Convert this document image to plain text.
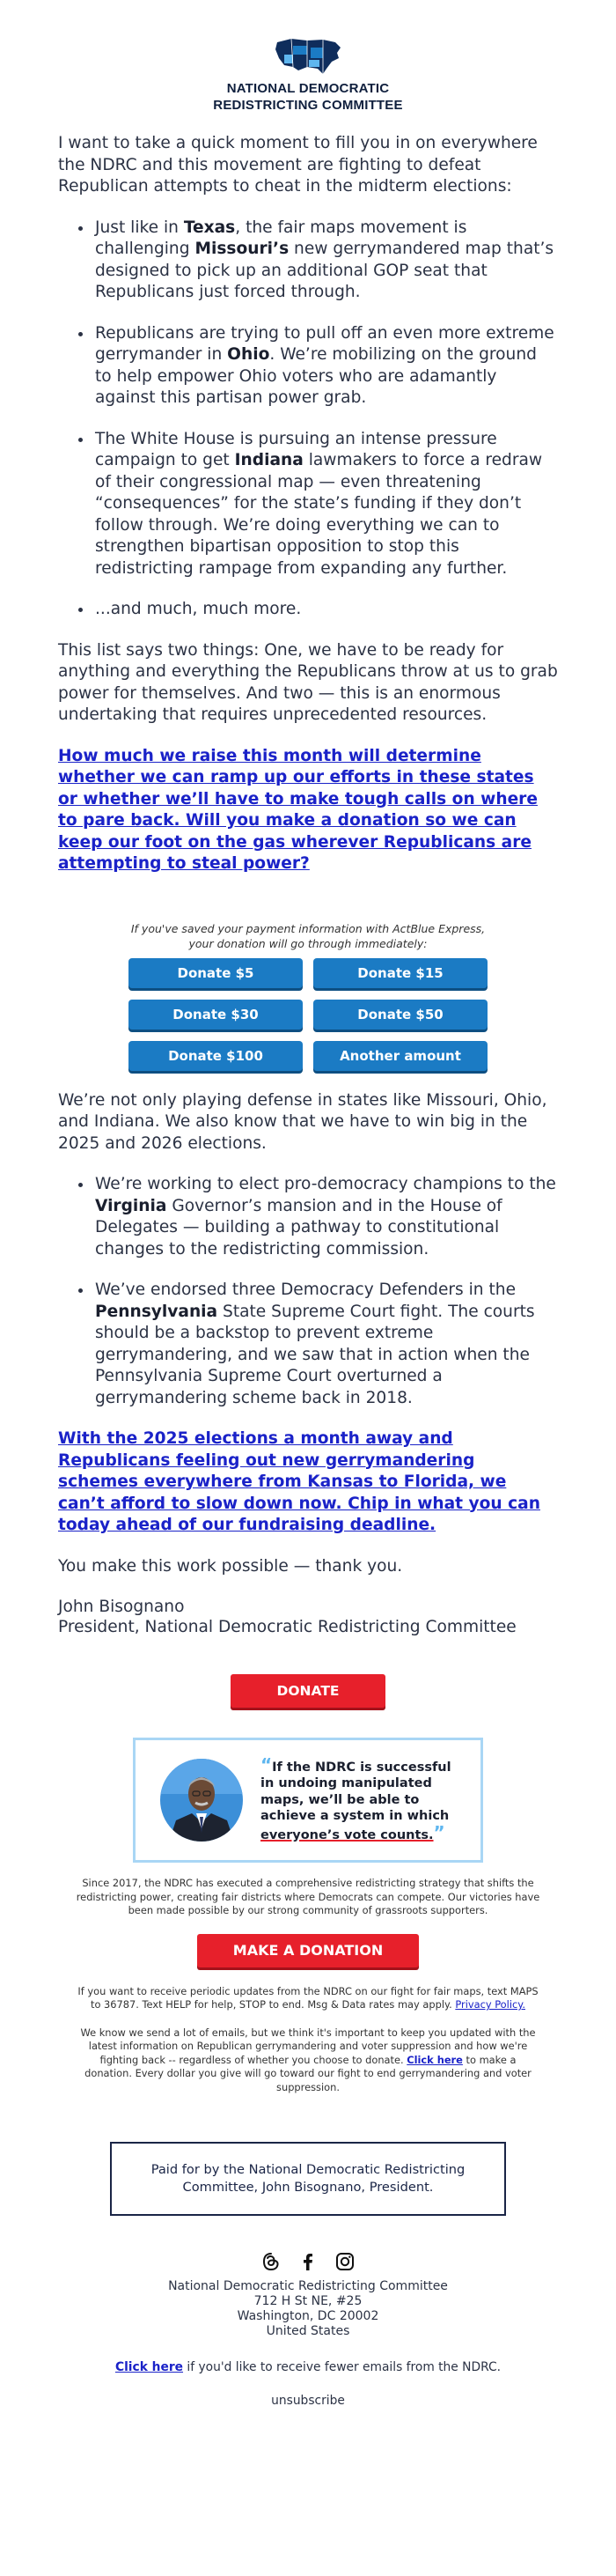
NATIONAL DEMOCRATIC
REDISTRICTING COMMITTEE

I want to take a quick moment to fill you in on everywhere the NDRC and this movement are fighting to defeat Republican attempts to cheat in the midterm elections:

• Just like in Texas, the fair maps movement is challenging Missouri’s new gerrymandered map that’s designed to pick up an additional GOP seat that Republicans just forced through.
• Republicans are trying to pull off an even more extreme gerrymander in Ohio. We’re mobilizing on the ground to help empower Ohio voters who are adamantly against this partisan power grab.
• The White House is pursuing an intense pressure campaign to get Indiana lawmakers to force a redraw of their congressional map — even threatening “consequences” for the state’s funding if they don’t follow through. We’re doing everything we can to strengthen bipartisan opposition to stop this redistricting rampage from expanding any further.
• ...and much, much more.

This list says two things: One, we have to be ready for anything and everything the Republicans throw at us to grab power for themselves. And two — this is an enormous undertaking that requires unprecedented resources.

How much we raise this month will determine whether we can ramp up our efforts in these states or whether we’ll have to make tough calls on where to pare back. Will you make a donation so we can keep our foot on the gas wherever Republicans are attempting to steal power?
If you've saved your payment information with ActBlue Express, your donation will go through immediately:
Donate $5	Donate $15
Donate $30	Donate $50
Donate $100	Another amount

We’re not only playing defense in states like Missouri, Ohio, and Indiana. We also know that we have to win big in the 2025 and 2026 elections.

• We’re working to elect pro-democracy champions to the Virginia Governor’s mansion and in the House of Delegates — building a pathway to constitutional changes to the redistricting commission.
• We’ve endorsed three Democracy Defenders in the Pennsylvania State Supreme Court fight. The courts should be a backstop to prevent extreme gerrymandering, and we saw that in action when the Pennsylvania Supreme Court overturned a gerrymandering scheme back in 2018.
With the 2025 elections a month away and Republicans feeling out new gerrymandering schemes everywhere from Kansas to Florida, we can’t afford to slow down now. Chip in what you can today ahead of our fundraising deadline.

You make this work possible — thank you.

John Bisognano
President, National Democratic Redistricting Committee
DONATE
“If the NDRC is successful in undoing manipulated maps, we’ll be able to achieve a system in which everyone’s vote counts.”

Since 2017, the NDRC has executed a comprehensive redistricting strategy that shifts the redistricting power, creating fair districts where Democrats can compete. Our victories have been made possible by our strong community of grassroots supporters.

MAKE A DONATION

If you want to receive periodic updates from the NDRC on our fight for fair maps, text MAPS to 36787. Text HELP for help, STOP to end. Msg & Data rates may apply. Privacy Policy.

We know we send a lot of emails, but we think it's important to keep you updated with the latest information on Republican gerrymandering and voter suppression and how we're fighting back -- regardless of whether you choose to donate. Click here to make a donation. Every dollar you give will go toward our fight to end gerrymandering and voter suppression.

Paid for by the National Democratic Redistricting Committee, John Bisognano, President.
National Democratic Redistricting Committee
712 H St NE, #25
Washington, DC 20002
United States
Click here if you'd like to receive fewer emails from the NDRC.
unsubscribe
